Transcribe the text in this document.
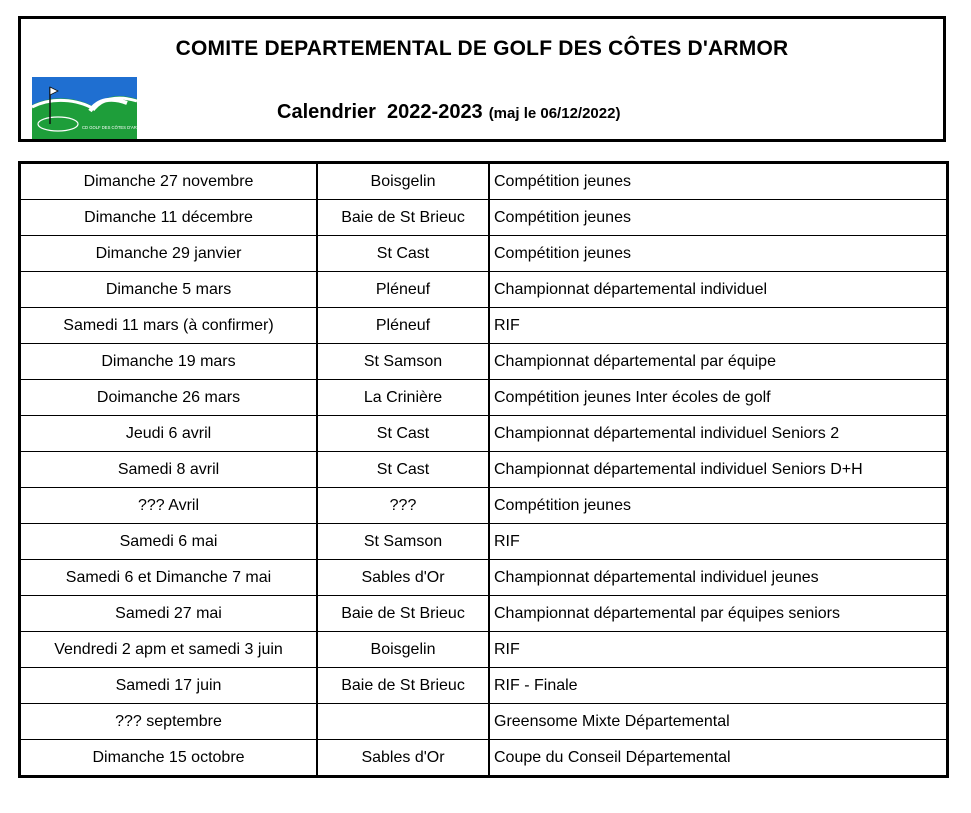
COMITE DEPARTEMENTAL DE GOLF DES CÔTES D'ARMOR
CD GOLF DES CÔTES D'ARMOR
Calendrier  2022-2023 (maj le 06/12/2022)
Dimanche 27 novembre	Boisgelin	Compétition jeunes
Dimanche 11 décembre	Baie de St Brieuc	Compétition jeunes
Dimanche 29 janvier	St Cast	Compétition jeunes
Dimanche 5 mars	Pléneuf	Championnat départemental individuel
Samedi 11 mars (à confirmer)	Pléneuf	RIF
Dimanche 19 mars	St Samson	Championnat départemental par équipe
Doimanche 26 mars	La Crinière	Compétition jeunes Inter écoles de golf
Jeudi 6 avril	St Cast	Championnat départemental individuel Seniors 2
Samedi 8 avril	St Cast	Championnat départemental individuel Seniors D+H
??? Avril	???	Compétition jeunes
Samedi 6 mai	St Samson	RIF
Samedi 6 et Dimanche 7 mai	Sables d'Or	Championnat départemental individuel jeunes
Samedi 27 mai	Baie de St Brieuc	Championnat départemental par équipes seniors
Vendredi 2 apm et samedi 3 juin	Boisgelin	RIF
Samedi 17 juin	Baie de St Brieuc	RIF - Finale
??? septembre		Greensome Mixte Départemental
Dimanche 15 octobre	Sables d'Or	Coupe du Conseil Départemental
